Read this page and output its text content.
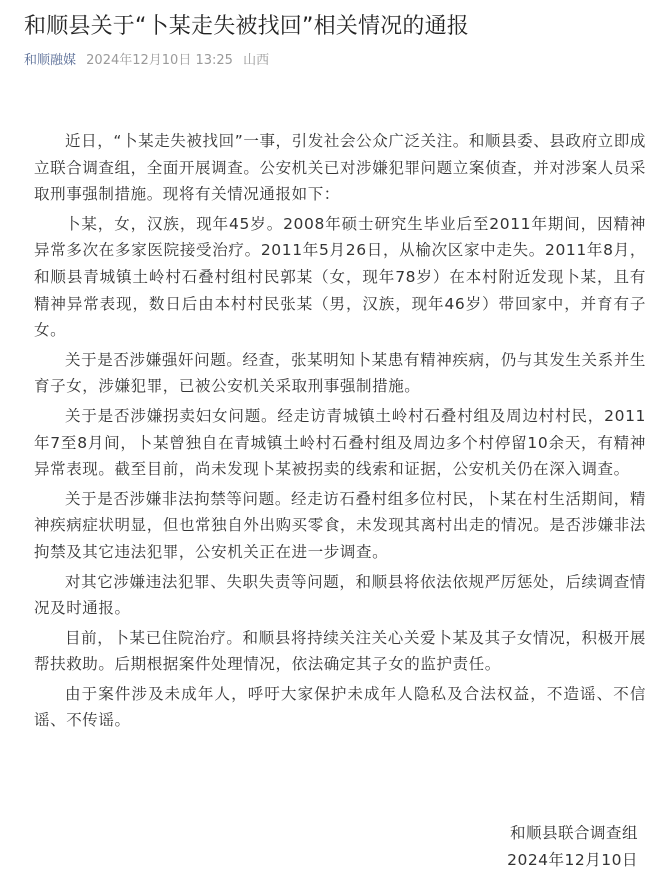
和顺县关于“卜某走失被找回”相关情况的通报
和顺融媒 2024年12月10日 13:25 山西

近日，“卜某走失被找回”一事，引发社会公众广泛关注。和顺县委、县政府立即成立联合调查组，全面开展调查。公安机关已对涉嫌犯罪问题立案侦查，并对涉案人员采取刑事强制措施。现将有关情况通报如下：

卜某，女，汉族，现年45岁。2008年硕士研究生毕业后至2011年期间，因精神异常多次在多家医院接受治疗。2011年5月26日，从榆次区家中走失。2011年8月，和顺县青城镇土岭村石叠村组村民郭某（女，现年78岁）在本村附近发现卜某，且有精神异常表现，数日后由本村村民张某（男，汉族，现年46岁）带回家中，并育有子女。

关于是否涉嫌强奸问题。经查，张某明知卜某患有精神疾病，仍与其发生关系并生育子女，涉嫌犯罪，已被公安机关采取刑事强制措施。

关于是否涉嫌拐卖妇女问题。经走访青城镇土岭村石叠村组及周边村村民，2011年7至8月间，卜某曾独自在青城镇土岭村石叠村组及周边多个村停留10余天，有精神异常表现。截至目前，尚未发现卜某被拐卖的线索和证据，公安机关仍在深入调查。

关于是否涉嫌非法拘禁等问题。经走访石叠村组多位村民，卜某在村生活期间，精神疾病症状明显，但也常独自外出购买零食，未发现其离村出走的情况。是否涉嫌非法拘禁及其它违法犯罪，公安机关正在进一步调查。

对其它涉嫌违法犯罪、失职失责等问题，和顺县将依法依规严厉惩处，后续调查情况及时通报。

目前，卜某已住院治疗。和顺县将持续关注关心关爱卜某及其子女情况，积极开展帮扶救助。后期根据案件处理情况，依法确定其子女的监护责任。

由于案件涉及未成年人，呼吁大家保护未成年人隐私及合法权益，不造谣、不信谣、不传谣。

和顺县联合调查组
2024年12月10日
